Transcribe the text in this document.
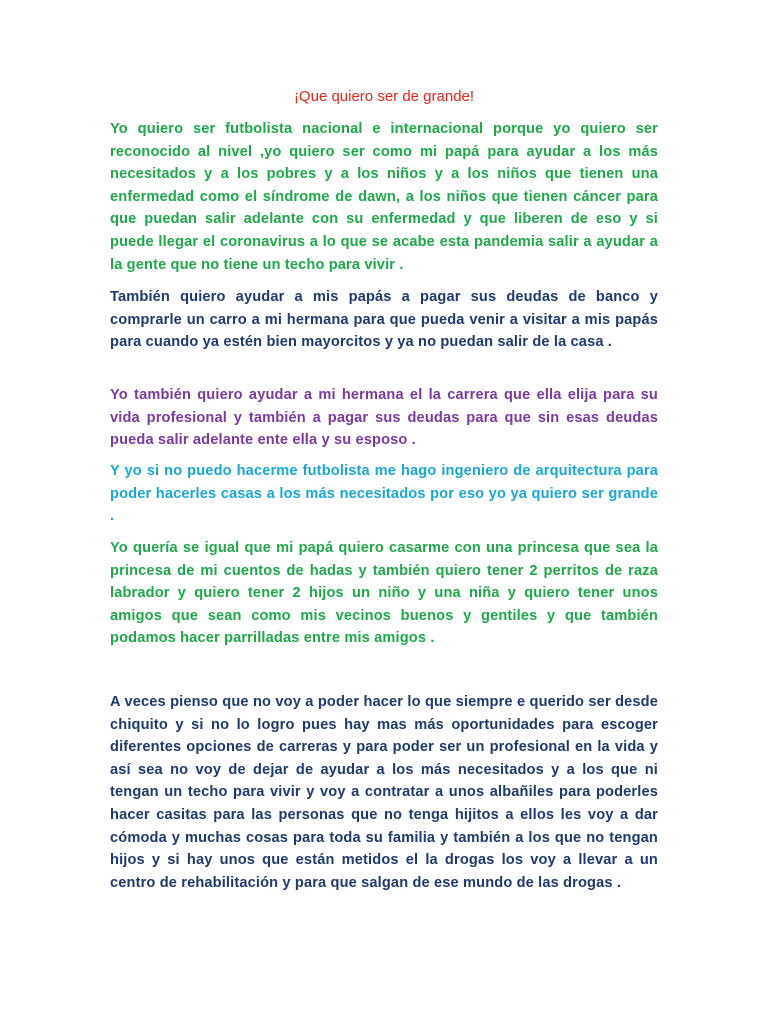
¡Que quiero ser de grande!

Yo quiero ser futbolista nacional e internacional porque yo quiero ser reconocido al nivel ,yo quiero ser como mi papá para ayudar a los más necesitados y a los pobres y a los niños y a los niños que tienen una enfermedad como el síndrome de dawn, a los niños que tienen cáncer para que puedan salir adelante con su enfermedad y que liberen de eso y si puede llegar el coronavirus a lo que se acabe esta pandemia salir a ayudar a la gente que no tiene un techo para vivir .

También quiero ayudar a mis papás a pagar sus deudas de banco y comprarle un carro a mi hermana para que pueda venir a visitar a mis papás para cuando ya estén bien mayorcitos y ya no puedan salir de la casa .

Yo también quiero ayudar a mi hermana el la carrera que ella elija para su vida profesional y también a pagar sus deudas para que sin esas deudas pueda salir adelante ente ella y su esposo .

Y yo si no puedo hacerme futbolista me hago ingeniero de arquitectura para poder hacerles casas a los más necesitados por eso yo ya quiero ser grande .

Yo quería se igual que mi papá quiero casarme con una princesa que sea la princesa de mi cuentos de hadas y también quiero tener 2 perritos de raza labrador y quiero tener 2 hijos un niño y una niña y quiero tener unos amigos que sean como mis vecinos buenos y gentiles y que también podamos hacer parrilladas entre mis amigos .

A veces pienso que no voy a poder hacer lo que siempre e querido ser desde chiquito y si no lo logro pues hay mas más oportunidades para escoger diferentes opciones de carreras y para poder ser un profesional en la vida y así sea no voy de dejar de ayudar a los más necesitados y a los que ni tengan un techo para vivir y voy a contratar a unos albañiles para poderles hacer casitas para las personas que no tenga hijitos a ellos les voy a dar cómoda y muchas cosas para toda su familia y también a los que no tengan hijos y si hay unos que están metidos el la drogas los voy a llevar a un centro de rehabilitación y para que salgan de ese mundo de las drogas .
